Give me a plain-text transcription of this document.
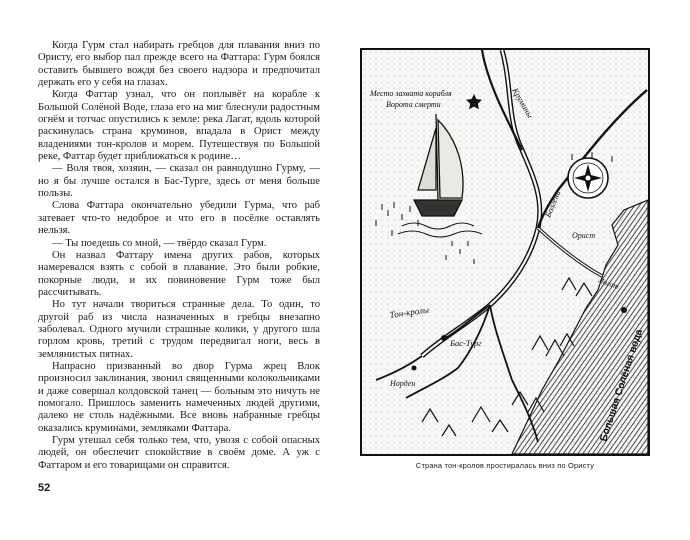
Когда Гурм стал набирать гребцов для плавания вниз по Ористу, его выбор пал прежде всего на Фаттара: Гурм боялся оставить бывшего вождя без своего надзора и предпочитал держать его у себя на глазах.

Когда Фаттар узнал, что он поплывёт на корабле к Большой Солёной Воде, глаза его на миг блеснули радостным огнём и тотчас опустились к земле: река Лагат, вдоль которой раскинулась страна круминов, впадала в Орист между владениями тон-кролов и морем. Путешествуя по Большой реке, Фаттар будет приближаться к родине…

— Воля твоя, хозяин, — сказал он равнодушно Гурму, — но я бы лучше остался в Бас-Турге, здесь от меня больше пользы.

Слова Фаттара окончательно убедили Гурма, что раб затевает что-то недоброе и что его в посёлке оставлять нельзя.

— Ты поедешь со мной, — твёрдо сказал Гурм.

Он назвал Фаттару имена других рабов, которых намеревался взять с собой в плавание. Это были робкие, покорные люди, и их повиновение Гурм тоже был рассчитывать.

Но тут начали твориться странные дела. То один, то другой раб из числа назначенных в гребцы внезапно заболевал. Одного мучили страшные колики, у другого шла горлом кровь, третий с трудом передвигал ноги, весь в землянистых пятнах.

Напрасно призванный во двор Гурма жрец Влок произносил заклинания, звонил священными колокольчиками и даже совершал колдовской танец — больным это ничуть не помогало. Пришлось заменить намеченных людей другими, далеко не столь надёжными. Все вновь набранные гребцы оказались круминами, земляками Фаттара.

Гурм утешал себя только тем, что, увозя с собой опасных людей, он обеспечит спокойствие в своём доме. А уж с Фаттаром и его товарищами он справится.

52
Место захвата корабля
Ворота смерти	Крумины
Болгени
Орист
Лагат
Тон-кролы
Бас-Тург
Норден	Большая Солёная вода
Страна тон-кролов простиралась вниз по Ористу
